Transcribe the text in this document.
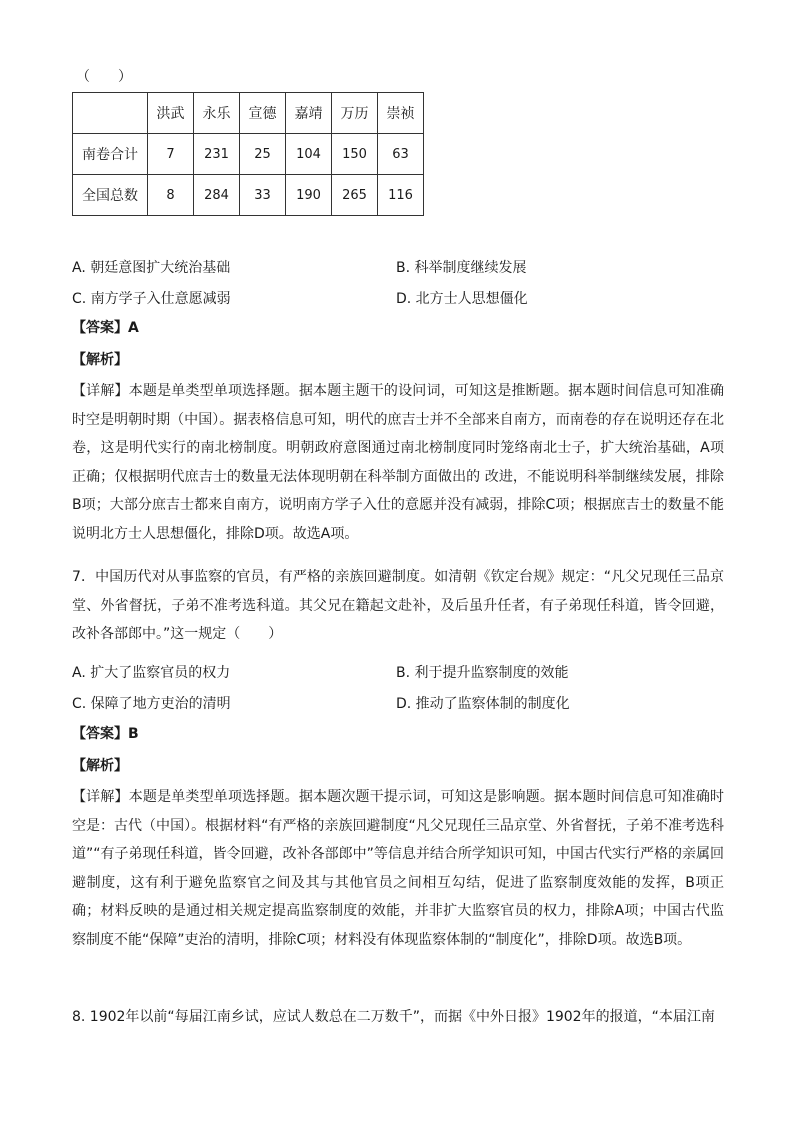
（　　）
	洪武	永乐	宣德	嘉靖	万历	崇祯
南卷合计	7	231	25	104	150	63
全国总数	8	284	33	190	265	116
A. 朝廷意图扩大统治基础	B. 科举制度继续发展
C. 南方学子入仕意愿减弱	D. 北方士人思想僵化
【答案】A
【解析】
【详解】本题是单类型单项选择题。据本题主题干的设问词，可知这是推断题。据本题时间信息可知准确时空是明朝时期（中国）。据表格信息可知，明代的庶吉士并不全部来自南方，而南卷的存在说明还存在北卷，这是明代实行的南北榜制度。明朝政府意图通过南北榜制度同时笼络南北士子，扩大统治基础，A项正确；仅根据明代庶吉士的数量无法体现明朝在科举制方面做出的 改进，不能说明科举制继续发展，排除B项；大部分庶吉士都来自南方，说明南方学子入仕的意愿并没有减弱，排除C项；根据庶吉士的数量不能说明北方士人思想僵化，排除D项。故选A项。
7．中国历代对从事监察的官员，有严格的亲族回避制度。如清朝《钦定台规》规定：“凡父兄现任三品京堂、外省督抚，子弟不准考选科道。其父兄在籍起文赴补，及后虽升任者，有子弟现任科道，皆令回避，改补各部郎中。”这一规定（　　）
A. 扩大了监察官员的权力	B. 利于提升监察制度的效能
C. 保障了地方吏治的清明	D. 推动了监察体制的制度化
【答案】B
【解析】
【详解】本题是单类型单项选择题。据本题次题干提示词，可知这是影响题。据本题时间信息可知准确时空是：古代（中国）。根据材料“有严格的亲族回避制度“凡父兄现任三品京堂、外省督抚，子弟不准考选科道”“有子弟现任科道，皆令回避，改补各部郎中”等信息并结合所学知识可知，中国古代实行严格的亲属回避制度，这有利于避免监察官之间及其与其他官员之间相互勾结，促进了监察制度效能的发挥，B项正确；材料反映的是通过相关规定提高监察制度的效能，并非扩大监察官员的权力，排除A项；中国古代监察制度不能“保障”吏治的清明，排除C项；材料没有体现监察体制的“制度化”，排除D项。故选B项。
8. 1902年以前“每届江南乡试，应试人数总在二万数千”，而据《中外日报》1902年的报道，“本届江南
